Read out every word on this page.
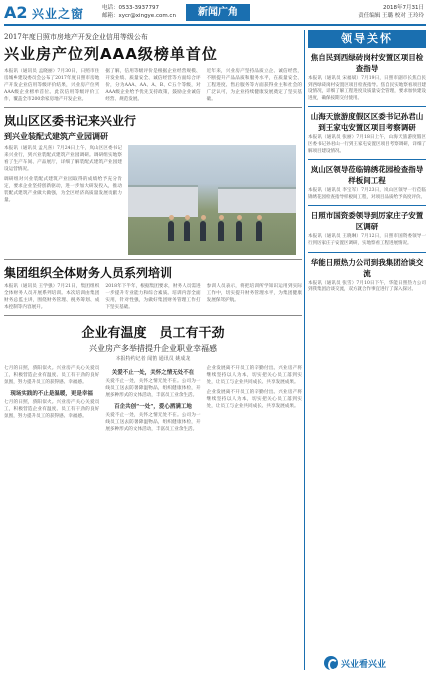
A2 兴业之窗	电话：0533-3937797
邮箱：xycr@xingye.com.cn	新闻广角	2018年7月31日
责任编辑 王璐 校对 王玲玲
2017年度日照市房地产开发企业信用等级公布
兴业房产位列AAA级榜单首位
本报讯（通讯员 孟晓丽）7月30日，日照市住房城乡建设委员会公布了2017年度日照市房地产开发企业信用等级评价结果，兴业房产位列AAA级企业榜单首位。此次信用等级评价工作，覆盖全市200余家房地产开发企业。
据了解，信用等级评价是根据企业经营规模、开发业绩、质量安全、诚信经营等方面综合评价，分为AAA、AA、A、B、C五个等级，对AAA级企业给予优先支持政策，鼓励企业诚信经营、规范发展。
近年来，兴业房产坚持品质立企、诚信经营，不断提升产品品质和服务水平，在质量安全、工程进度、售后服务等方面获得业主和社会的广泛认可，为企业持续健康发展奠定了坚实基础。
岚山区区委书记来兴业行
到兴业装配式建筑产业园调研
本报讯（通讯员 孟凡喜）7月24日上午，岚山区区委书记来兴业行，到兴业装配式建筑产业园调研。调研组实地察看了生产车间、产品展厅，详细了解装配式建筑产业园建设运营情况。
调研组对兴业装配式建筑产业园取得的成绩给予充分肯定，要求企业坚持创新驱动，进一步加大研发投入，推动装配式建筑产业做大做强，为全区经济高质量发展贡献力量。
集团组织全体财务人员系列培训
本报讯（通讯员 王学强）7月21日，集团组织全体财务人员开展系列培训。本次培训由集团财务总监主讲，围绕财务管理、税务筹划、成本控制等内容展开。
2018年下半年，根据集团要求，财务人员需进一步提升专业能力和综合素质。培训内容全面实用，针对性强，为做好集团财务管理工作打下坚实基础。
参训人员表示，将把培训所学知识运用到实际工作中，切实提升财务管理水平，为集团健康发展保驾护航。
企业有温度　员工有干劲
兴业房产多举措提升企业职业幸福感
本报特约记者 闻笛 通讯员 姚成龙
七月的日照，骄阳似火。兴业房产关心关爱员工，积极营造企业有温度、员工有干劲的良好氛围，努力提升员工的获得感、幸福感。
现场实践的不止是温暖，更是幸福
七月的日照，骄阳似火。兴业房产关心关爱员工，积极营造企业有温度、员工有干劲的良好氛围，努力提升员工的获得感、幸福感。
关爱不止一处，关怀之情无处不在
关爱不止一处，关怀之情无处不在。公司为一线员工送去防暑降温物品，组织健康体检，开展多种形式的文体活动，丰富员工业余生活。
百企共创“一处”，爱心洒满工地
关爱不止一处，关怀之情无处不在。公司为一线员工送去防暑降温物品，组织健康体检，开展多种形式的文体活动，丰富员工业余生活。
企业发展离不开员工的辛勤付出。兴业房产将继续坚持以人为本，切实把关心员工落到实处，让员工与企业共同成长、共享发展成果。
企业发展离不开员工的辛勤付出。兴业房产将继续坚持以人为本，切实把关心员工落到实处，让员工与企业共同成长、共享发展成果。
领导关怀
焦自民到西绿砖岗村安置区项目检查指导
本报讯（通讯员 宋福斌）7月19日，日照市副市长焦自民到西绿砖岗村安置区项目检查指导。焦自民实地察看项目建设情况，详细了解工程进度及质量安全管理，要求加快建设进度，确保按期交付使用。
山海天旅游度假区区委书记孙君山到王家屯安置区项目考察调研
本报讯（通讯员 张丽）7月18日上午，山海天旅游度假区区委书记孙君山一行到王家屯安置区项目考察调研，详细了解项目建设情况。
岚山区领导莅临锦绣花园检查指导样板间工程
本报讯（通讯员 李宝军）7月23日，岚山区领导一行莅临锦绣花园检查指导样板间工程，对项目品质给予高度评价。
日照市国资委领导到厉家庄子安置区调研
本报讯（通讯员 王晓琳）7月12日，日照市国资委领导一行到厉家庄子安置区调研，实地察看工程进展情况。
华能日照热力公司到我集团洽谈交流
本报讯（通讯员 张雪）7月10日下午，华能日照热力公司到我集团洽谈交流，双方就合作事宜进行了深入探讨。
兴业看兴业
